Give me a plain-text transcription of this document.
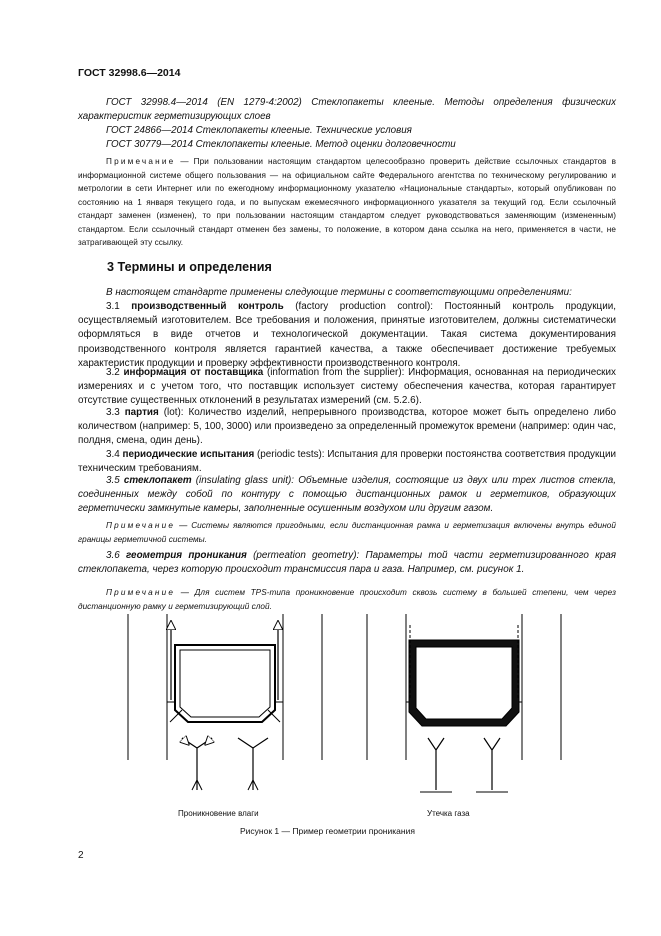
ГОСТ 32998.6—2014
ГОСТ 32998.4—2014 (EN 1279-4:2002) Стеклопакеты клееные. Методы определения физических характеристик герметизирующих слоев
ГОСТ 24866—2014 Стеклопакеты клееные. Технические условия
ГОСТ 30779—2014 Стеклопакеты клееные. Метод оценки долговечности
Примечание — При пользовании настоящим стандартом целесообразно проверить действие ссылочных стандартов в информационной системе общего пользования — на официальном сайте Федерального агентства по техническому регулированию и метрологии в сети Интернет или по ежегодному информационному указателю «Национальные стандарты», который опубликован по состоянию на 1 января текущего года, и по выпускам ежемесячного информационного указателя за текущий год. Если ссылочный стандарт заменен (изменен), то при пользовании настоящим стандартом следует руководствоваться заменяющим (измененным) стандартом. Если ссылочный стандарт отменен без замены, то положение, в котором дана ссылка на него, применяется в части, не затрагивающей эту ссылку.
3 Термины и определения
В настоящем стандарте применены следующие термины с соответствующими определениями:
3.1 производственный контроль (factory production control): Постоянный контроль продукции, осуществляемый изготовителем. Все требования и положения, принятые изготовителем, должны систематически оформляться в виде отчетов и технологической документации. Такая система документирования производственного контроля является гарантией качества, а также обеспечивает достижение требуемых характеристик продукции и проверку эффективности производственного контроля.
3.2 информация от поставщика (information from the supplier): Информация, основанная на периодических измерениях и с учетом того, что поставщик использует систему обеспечения качества, которая гарантирует отсутствие существенных отклонений в результатах измерений (см. 5.2.6).
3.3 партия (lot): Количество изделий, непрерывного производства, которое может быть определено либо количеством (например: 5, 100, 3000) или произведено за определенный промежуток времени (например: один час, полдня, смена, один день).
3.4 периодические испытания (periodic tests): Испытания для проверки постоянства соответствия продукции техническим требованиям.
3.5 стеклопакет (insulating glass unit): Объемные изделия, состоящие из двух или трех листов стекла, соединенных между собой по контуру с помощью дистанционных рамок и герметиков, образующих герметически замкнутые камеры, заполненные осушенным воздухом или другим газом.
Примечание — Системы являются пригодными, если дистанционная рамка и герметизация включены внутрь единой границы герметичной системы.
3.6 геометрия проникания (permeation geometry): Параметры той части герметизированного края стеклопакета, через которую происходит трансмиссия пара и газа. Например, см. рисунок 1.
Примечание — Для систем TPS-типа проникновение происходит сквозь систему в большей степени, чем через дистанционную рамку и герметизирующий слой.
Проникновение влаги	Утечка газа
Рисунок 1 — Пример геометрии проникания
2
